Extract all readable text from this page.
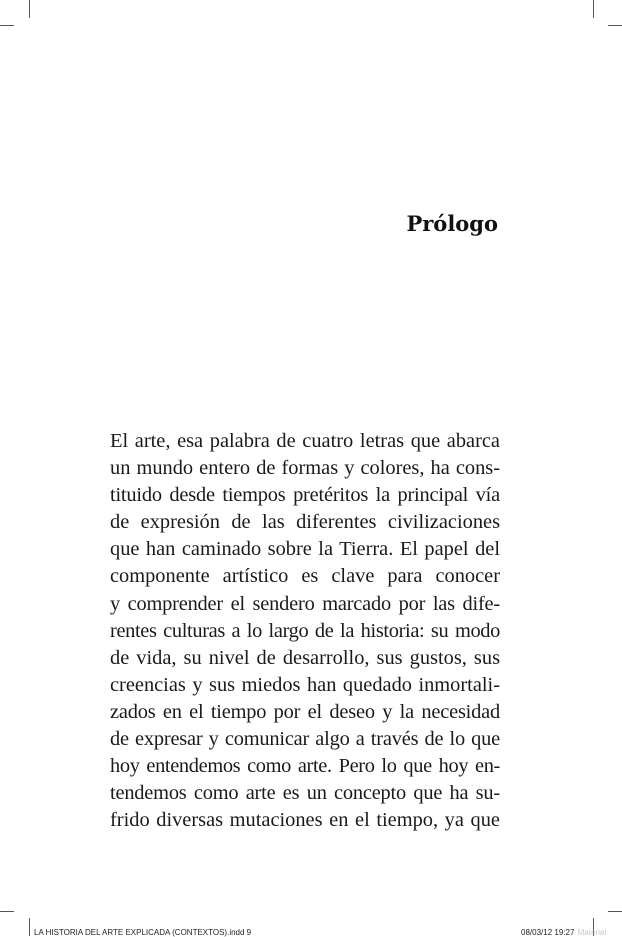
Prólogo
El arte, esa palabra de cuatro letras que abarca
un mundo entero de formas y colores, ha cons-
tituido desde tiempos pretéritos la principal vía
de expresión de las diferentes civilizaciones
que han caminado sobre la Tierra. El papel del
componente artístico es clave para conocer
y comprender el sendero marcado por las dife-
rentes culturas a lo largo de la historia: su modo
de vida, su nivel de desarrollo, sus gustos, sus
creencias y sus miedos han quedado inmortali-
zados en el tiempo por el deseo y la necesidad
de expresar y comunicar algo a través de lo que
hoy entendemos como arte. Pero lo que hoy en-
tendemos como arte es un concepto que ha su-
frido diversas mutaciones en el tiempo, ya que
LA HISTORIA DEL ARTE EXPLICADA (CONTEXTOS).indd 9	08/03/12 19:27 Material
